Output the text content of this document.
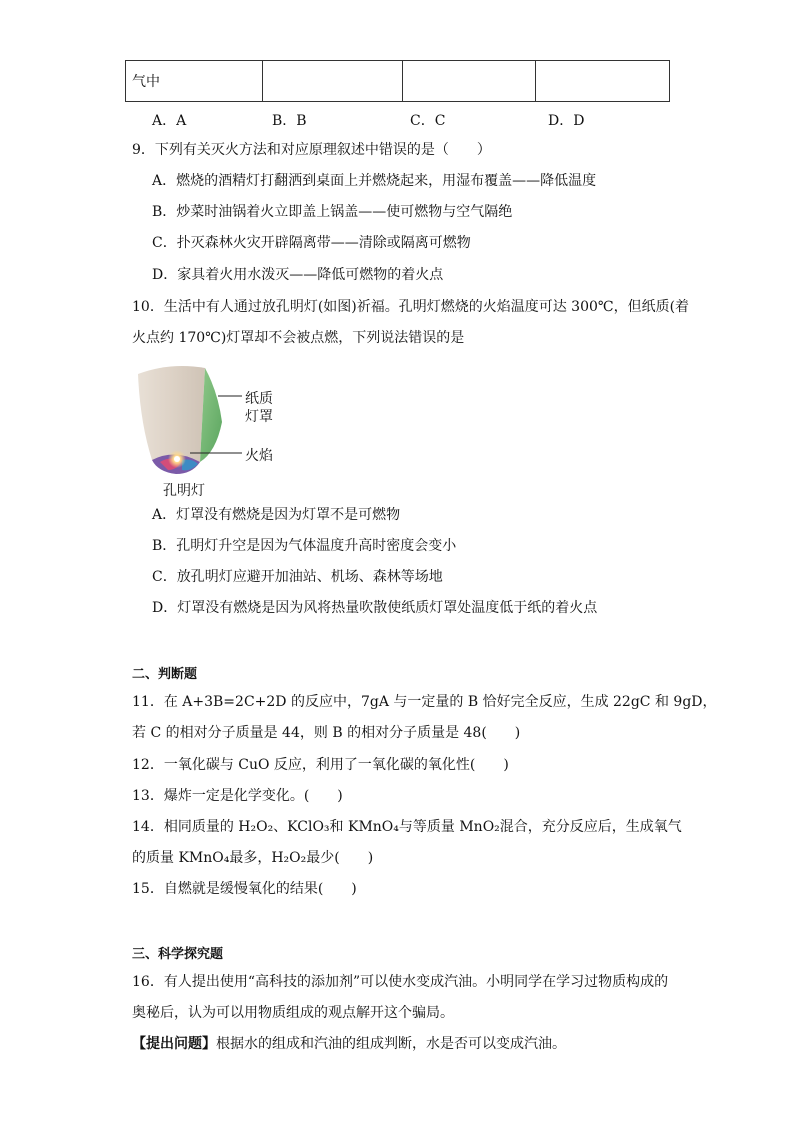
气中			
A．A	B．B	C．C	D．D
9．下列有关灭火方法和对应原理叙述中错误的是（　　）
A．燃烧的酒精灯打翻洒到桌面上并燃烧起来，用湿布覆盖——降低温度
B．炒菜时油锅着火立即盖上锅盖——使可燃物与空气隔绝
C．扑灭森林火灾开辟隔离带——清除或隔离可燃物
D．家具着火用水泼灭——降低可燃物的着火点
10．生活中有人通过放孔明灯(如图)祈福。孔明灯燃烧的火焰温度可达 300℃，但纸质(着
火点约 170℃)灯罩却不会被点燃，下列说法错误的是
纸质
灯罩
火焰
孔明灯
A．灯罩没有燃烧是因为灯罩不是可燃物
B．孔明灯升空是因为气体温度升高时密度会变小
C．放孔明灯应避开加油站、机场、森林等场地
D．灯罩没有燃烧是因为风将热量吹散使纸质灯罩处温度低于纸的着火点
二、判断题
11．在 A+3B=2C+2D 的反应中，7gA 与一定量的 B 恰好完全反应，生成 22gC 和 9gD，
若 C 的相对分子质量是 44，则 B 的相对分子质量是 48(　　)
12．一氧化碳与 CuO 反应，利用了一氧化碳的氧化性(　　)
13．爆炸一定是化学变化。(　　)
14．相同质量的 H₂O₂、KClO₃和 KMnO₄与等质量 MnO₂混合，充分反应后，生成氧气
的质量 KMnO₄最多，H₂O₂最少(　　)
15．自燃就是缓慢氧化的结果(　　)
三、科学探究题
16．有人提出使用“高科技的添加剂”可以使水变成汽油。小明同学在学习过物质构成的
奥秘后，认为可以用物质组成的观点解开这个骗局。
【提出问题】根据水的组成和汽油的组成判断，水是否可以变成汽油。
